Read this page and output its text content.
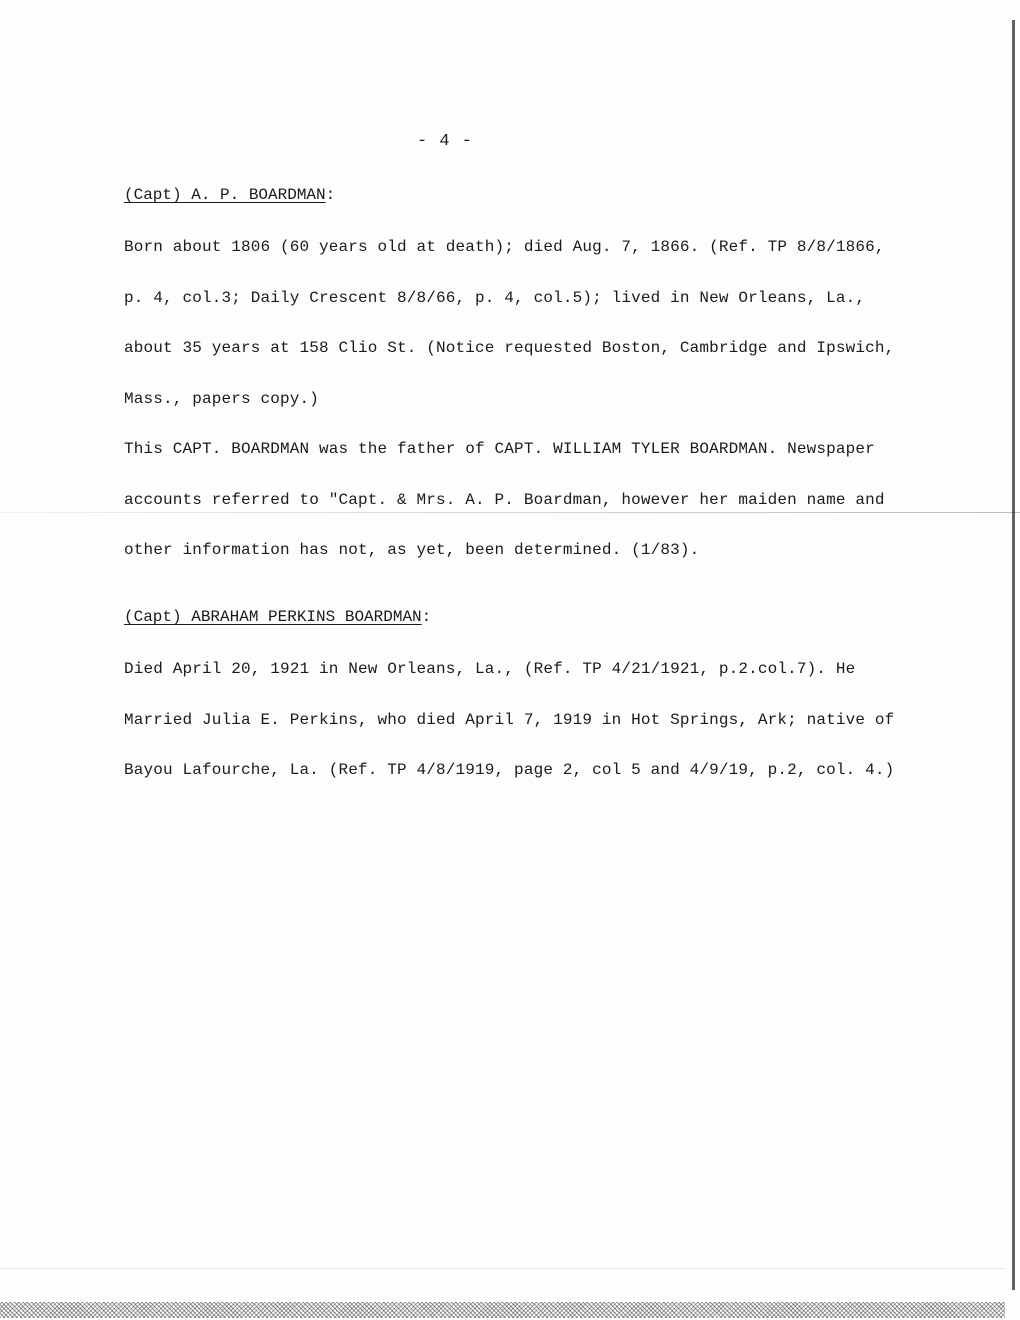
- 4 -
(Capt) A. P. BOARDMAN:

Born about 1806 (60 years old at death); died Aug. 7, 1866. (Ref. TP 8/8/1866,
p. 4, col.3; Daily Crescent 8/8/66, p. 4, col.5); lived in New Orleans, La.,
about 35 years at 158 Clio St. (Notice requested Boston, Cambridge and Ipswich,
Mass., papers copy.)

This CAPT. BOARDMAN was the father of CAPT. WILLIAM TYLER BOARDMAN. Newspaper
accounts referred to "Capt. & Mrs. A. P. Boardman, however her maiden name and
other information has not, as yet, been determined. (1/83).

(Capt) ABRAHAM PERKINS BOARDMAN:

Died April 20, 1921 in New Orleans, La., (Ref. TP 4/21/1921, p.2.col.7). He
Married Julia E. Perkins, who died April 7, 1919 in Hot Springs, Ark; native of
Bayou Lafourche, La. (Ref. TP 4/8/1919, page 2, col 5 and 4/9/19, p.2, col. 4.)
